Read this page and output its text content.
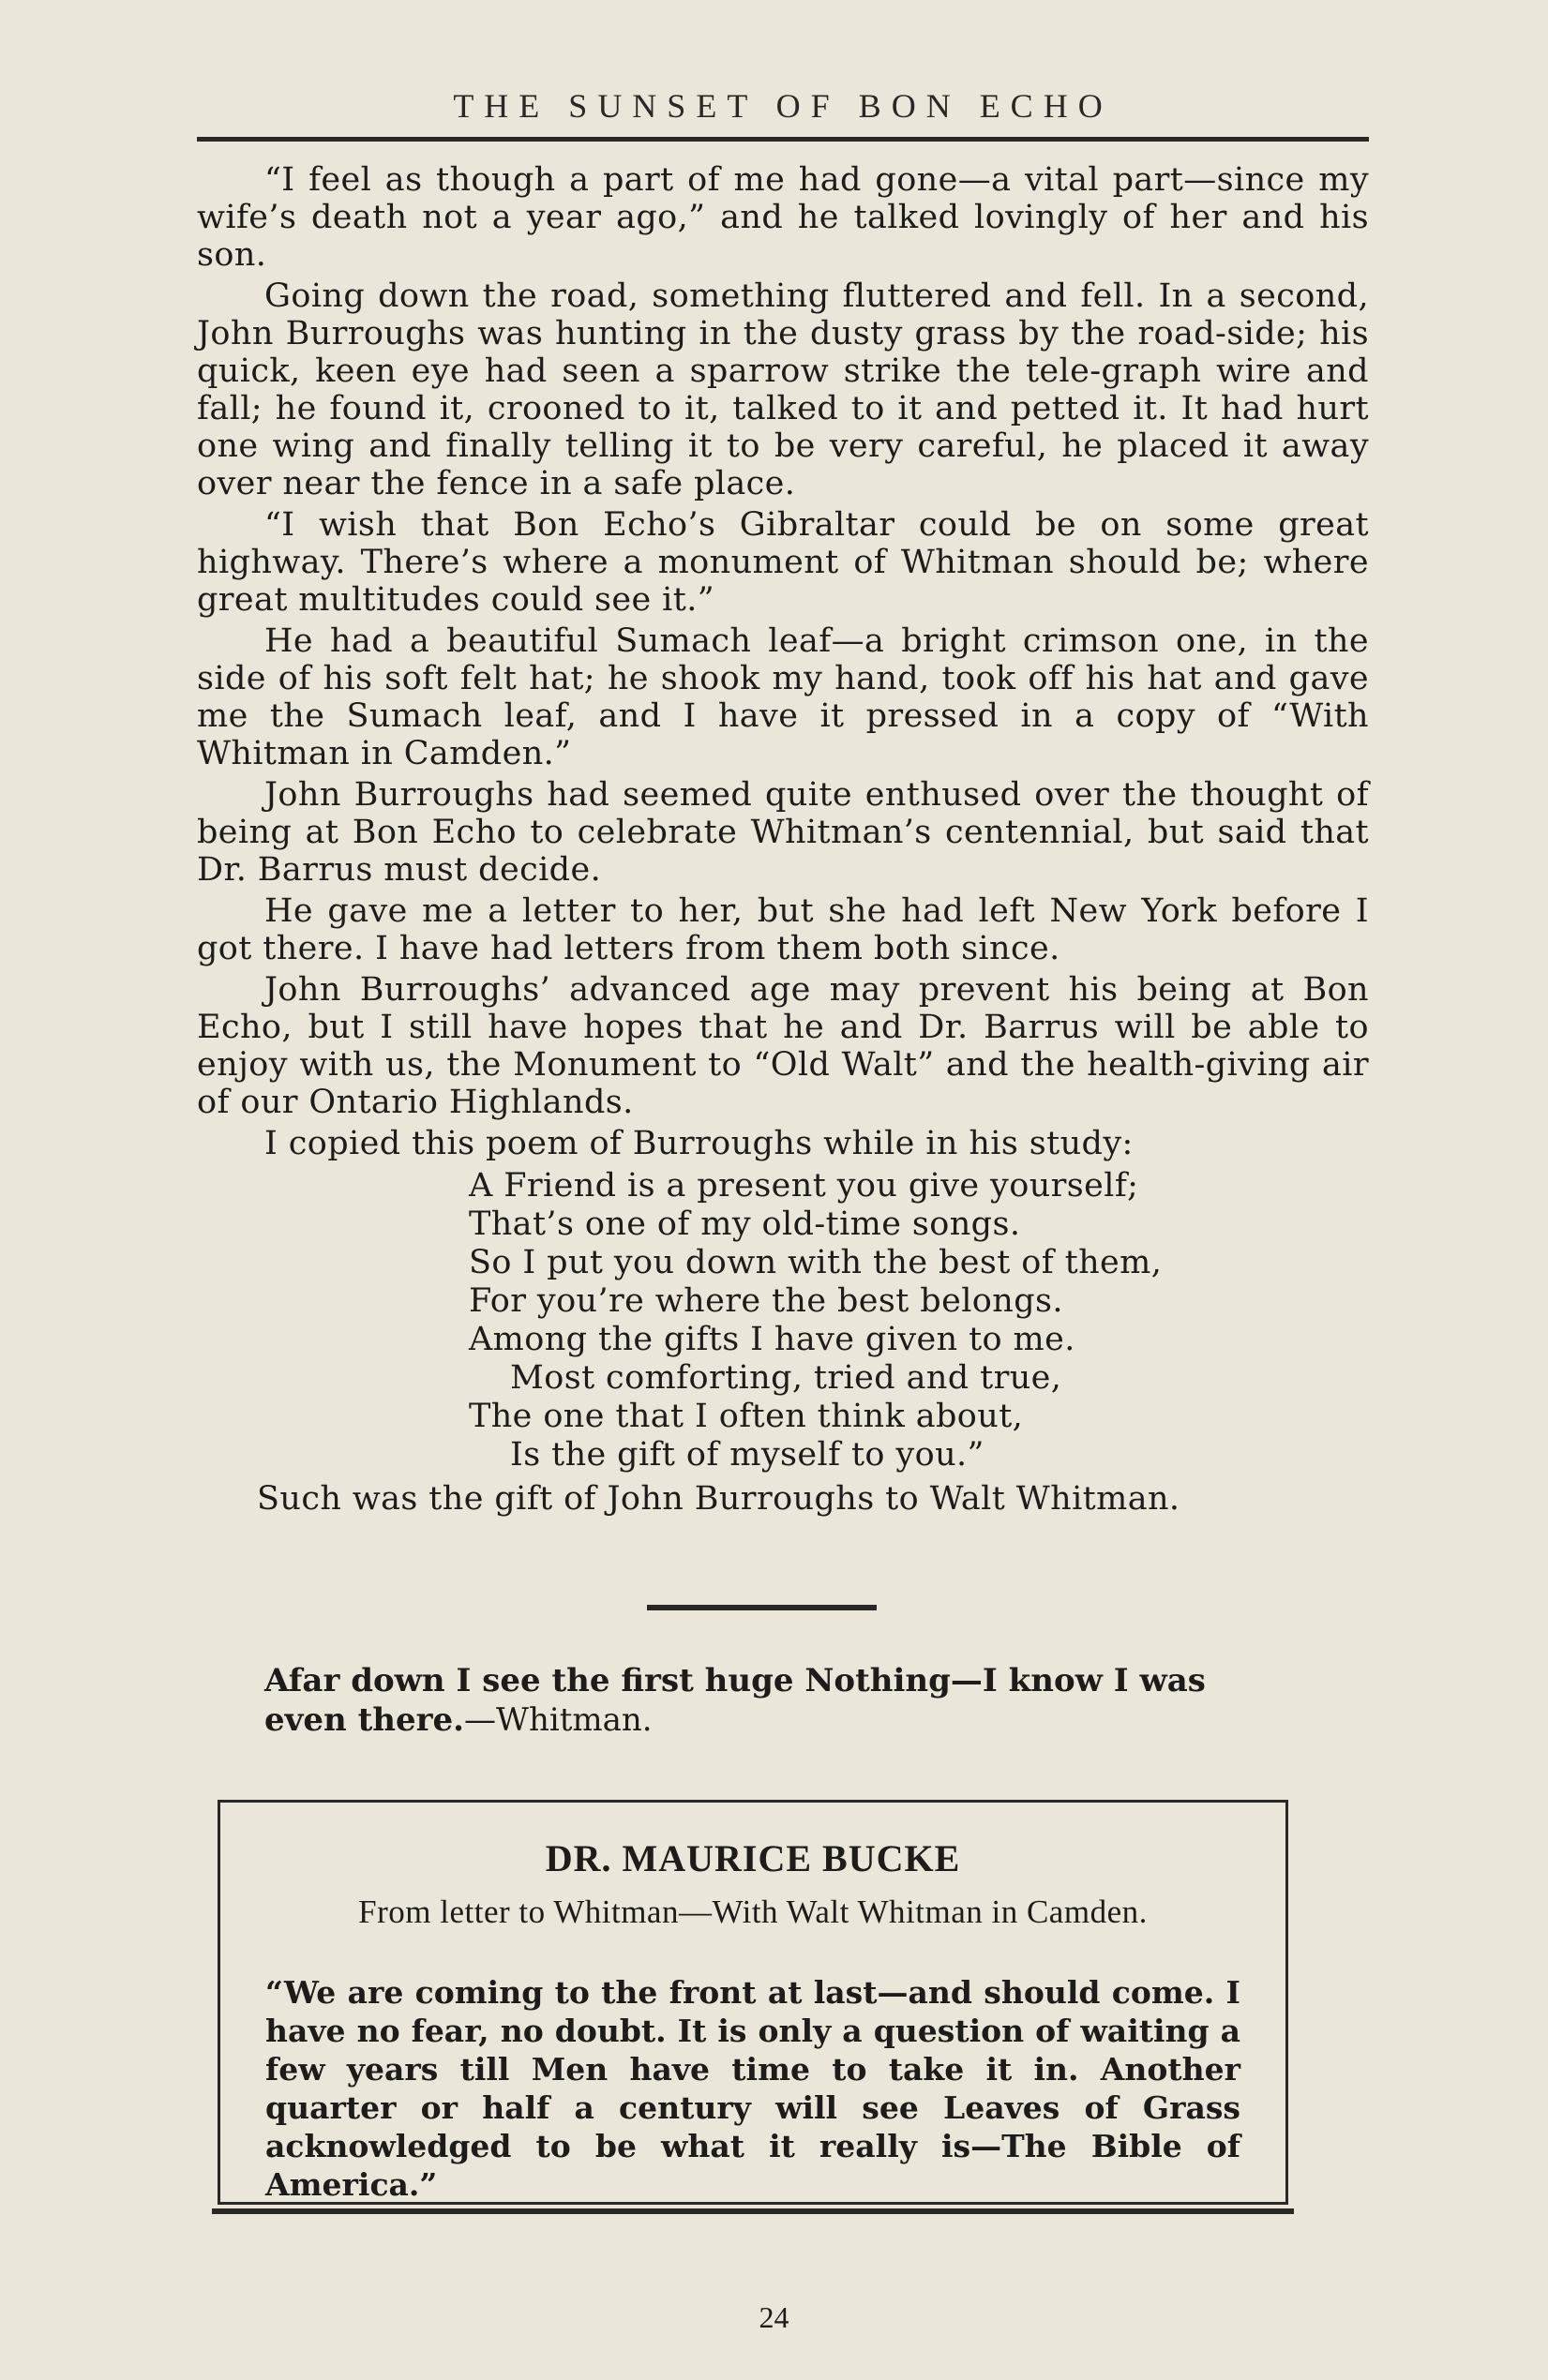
THE SUNSET OF BON ECHO

“I feel as though a part of me had gone—a vital part—since my wife’s death not a year ago,” and he talked lovingly of her and his son.

Going down the road, something fluttered and fell. In a second, John Burroughs was hunting in the dusty grass by the road-side; his quick, keen eye had seen a sparrow strike the tele-graph wire and fall; he found it, crooned to it, talked to it and petted it. It had hurt one wing and finally telling it to be very careful, he placed it away over near the fence in a safe place.

“I wish that Bon Echo’s Gibraltar could be on some great highway. There’s where a monument of Whitman should be; where great multitudes could see it.”

He had a beautiful Sumach leaf—a bright crimson one, in the side of his soft felt hat; he shook my hand, took off his hat and gave me the Sumach leaf, and I have it pressed in a copy of “With Whitman in Camden.”

John Burroughs had seemed quite enthused over the thought of being at Bon Echo to celebrate Whitman’s centennial, but said that Dr. Barrus must decide.

He gave me a letter to her, but she had left New York before I got there. I have had letters from them both since.

John Burroughs’ advanced age may prevent his being at Bon Echo, but I still have hopes that he and Dr. Barrus will be able to enjoy with us, the Monument to “Old Walt” and the health-giving air of our Ontario Highlands.

I copied this poem of Burroughs while in his study:
A Friend is a present you give yourself;
That’s one of my old-time songs.
So I put you down with the best of them,
For you’re where the best belongs.
Among the gifts I have given to me.
Most comforting, tried and true,
The one that I often think about,
Is the gift of myself to you.”
Such was the gift of John Burroughs to Walt Whitman.
Afar down I see the first huge Nothing—I know I was even there.—Whitman.
DR. MAURICE BUCKE
From letter to Whitman—With Walt Whitman in Camden.
“We are coming to the front at last—and should come. I have no fear, no doubt. It is only a question of waiting a few years till Men have time to take it in. Another quarter or half a century will see Leaves of Grass acknowledged to be what it really is—The Bible of America.”
24
